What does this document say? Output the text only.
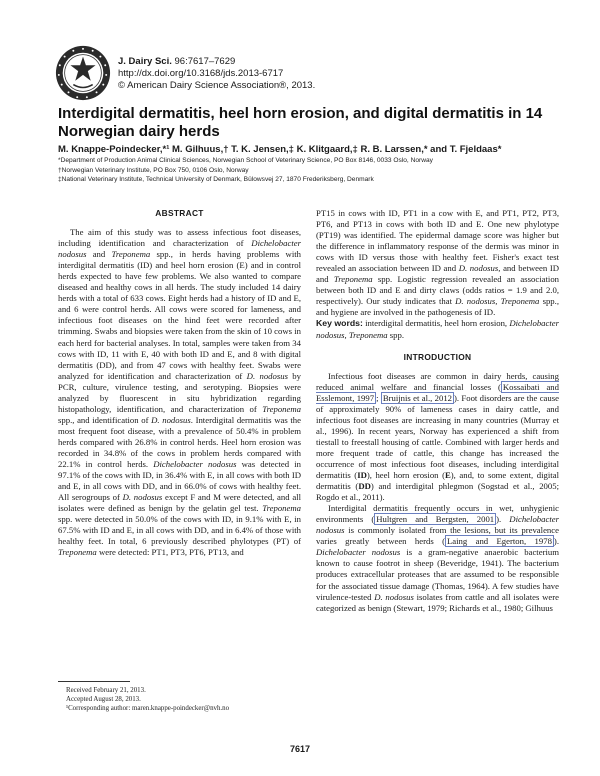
J. Dairy Sci. 96:7617–7629
http://dx.doi.org/10.3168/jds.2013-6717
© American Dairy Science Association®, 2013.
Interdigital dermatitis, heel horn erosion, and digital dermatitis in 14 Norwegian dairy herds
M. Knappe-Poindecker,*¹ M. Gilhuus,† T. K. Jensen,‡ K. Klitgaard,‡ R. B. Larssen,* and T. Fjeldaas*
*Department of Production Animal Clinical Sciences, Norwegian School of Veterinary Science, PO Box 8146, 0033 Oslo, Norway
†Norwegian Veterinary Institute, PO Box 750, 0106 Oslo, Norway
‡National Veterinary Institute, Technical University of Denmark, Bülowsvej 27, 1870 Frederiksberg, Denmark
ABSTRACT

The aim of this study was to assess infectious foot diseases, including identification and characterization of Dichelobacter nodosus and Treponema spp., in herds having problems with interdigital dermatitis (ID) and heel horn erosion (E) and in control herds expected to have few problems. We also wanted to compare diseased and healthy cows in all herds. The study included 14 dairy herds with a total of 633 cows. Eight herds had a history of ID and E, and 6 were control herds. All cows were scored for lameness, and infectious foot diseases on the hind feet were recorded after trimming. Swabs and biopsies were taken from the skin of 10 cows in each herd for bacterial analyses. In total, samples were taken from 34 cows with ID, 11 with E, 40 with both ID and E, and 8 with digital dermatitis (DD), and from 47 cows with healthy feet. Swabs were analyzed for identification and characterization of D. nodosus by PCR, culture, virulence testing, and serotyping. Biopsies were analyzed by fluorescent in situ hybridization regarding histopathology, identification, and characterization of Treponema spp., and identification of D. nodosus. Interdigital dermatitis was the most frequent foot disease, with a prevalence of 50.4% in problem herds compared with 26.8% in control herds. Heel horn erosion was recorded in 34.8% of the cows in problem herds compared with 22.1% in control herds. Dichelobacter nodosus was detected in 97.1% of the cows with ID, in 36.4% with E, in all cows with both ID and E, in all cows with DD, and in 66.0% of cows with healthy feet. All serogroups of D. nodosus except F and M were detected, and all isolates were defined as benign by the gelatin gel test. Treponema spp. were detected in 50.0% of the cows with ID, in 9.1% with E, in 67.5% with ID and E, in all cows with DD, and in 6.4% of those with healthy feet. In total, 6 previously described phylotypes (PT) of Treponema were detected: PT1, PT3, PT6, PT13, and

PT15 in cows with ID, PT1 in a cow with E, and PT1, PT2, PT3, PT6, and PT13 in cows with both ID and E. One new phylotype (PT19) was identified. The epidermal damage score was higher but the difference in inflammatory response of the dermis was minor in cows with ID versus those with healthy feet. Fisher's exact test revealed an association between ID and D. nodosus, and between ID and Treponema spp. Logistic regression revealed an association between both ID and E and dirty claws (odds ratios = 1.9 and 2.0, respectively). Our study indicates that D. nodosus, Treponema spp., and hygiene are involved in the pathogenesis of ID.

Key words: interdigital dermatitis, heel horn erosion, Dichelobacter nodosus, Treponema spp.

INTRODUCTION

Infectious foot diseases are common in dairy herds, causing reduced animal welfare and financial losses ( Kossaibati and Esslemont, 1997 ; Bruijnis et al., 2012 ). Foot disorders are the cause of approximately 90% of lameness cases in dairy cattle, and infectious foot diseases are increasing in many countries (Murray et al., 1996). In recent years, Norway has experienced a shift from tiestall to freestall housing of cattle. Combined with larger herds and more frequent trade of cattle, this change has increased the occurrence of most infectious foot diseases, including interdigital dermatitis (ID), heel horn erosion (E), and, to some extent, digital dermatitis (DD) and interdigital phlegmon (Sogstad et al., 2005; Rogdo et al., 2011).

Interdigital dermatitis frequently occurs in wet, unhygienic environments ( Hultgren and Bergsten, 2001 ). Dichelobacter nodosus is commonly isolated from the lesions, but its prevalence varies greatly between herds ( Laing and Egerton, 1978 ). Dichelobacter nodosus is a gram-negative anaerobic bacterium known to cause footrot in sheep (Beveridge, 1941). The bacterium produces extracellular proteases that are assumed to be responsible for the associated tissue damage (Thomas, 1964). A few studies have virulence-tested D. nodosus isolates from cattle and all isolates were categorized as benign (Stewart, 1979; Richards et al., 1980; Gilhuus

Received February 21, 2013.
Accepted August 28, 2013.
¹Corresponding author: maren.knappe-poindecker@nvh.no
7617
